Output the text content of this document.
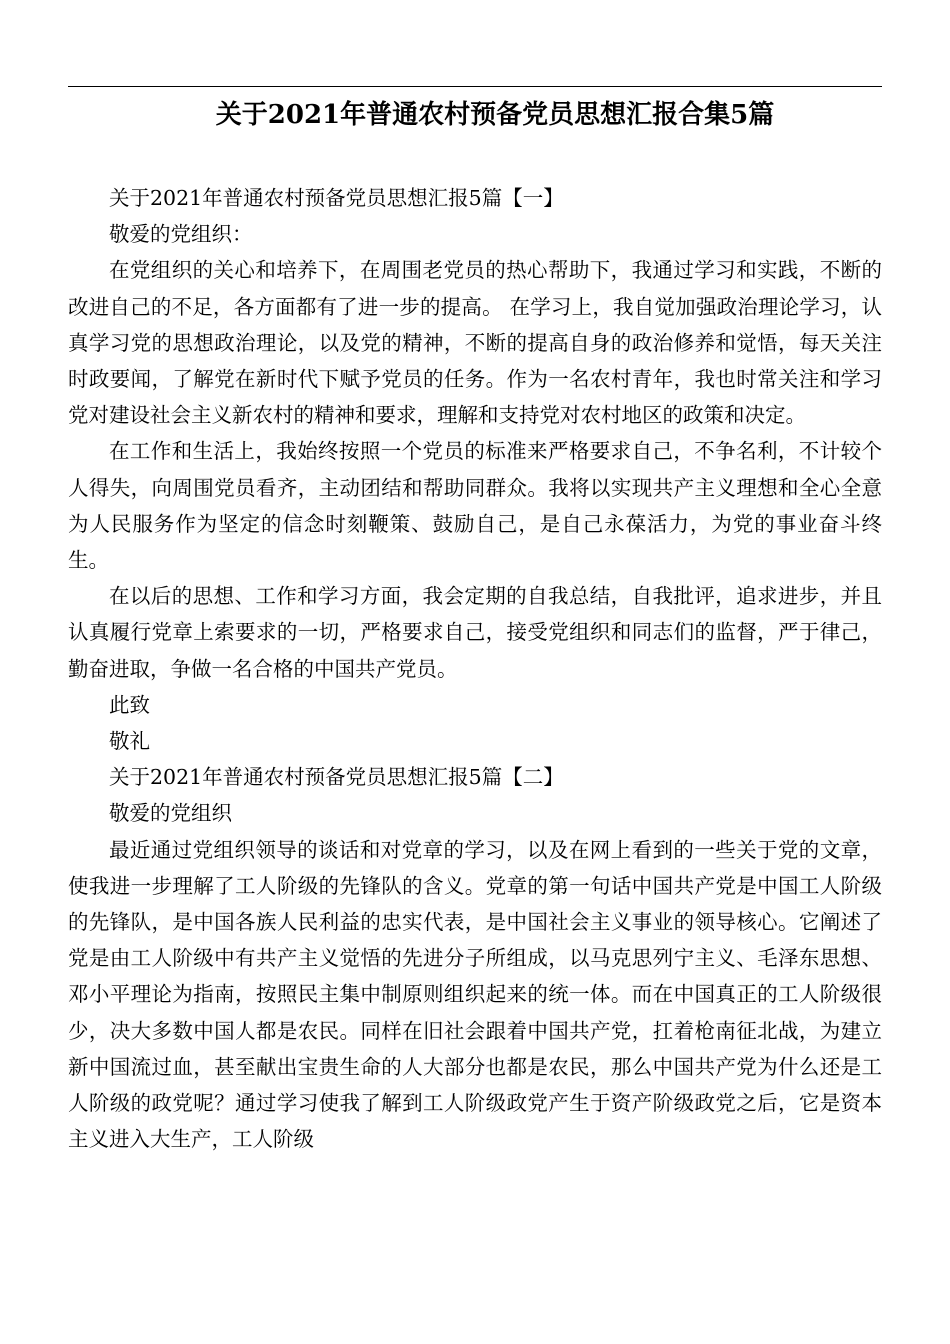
关于2021年普通农村预备党员思想汇报合集5篇

关于2021年普通农村预备党员思想汇报5篇【一】

敬爱的党组织：

在党组织的关心和培养下，在周围老党员的热心帮助下，我通过学习和实践，不断的改进自己的不足，各方面都有了进一步的提高。 在学习上，我自觉加强政治理论学习，认真学习党的思想政治理论，以及党的精神，不断的提高自身的政治修养和觉悟，每天关注时政要闻，了解党在新时代下赋予党员的任务。作为一名农村青年，我也时常关注和学习党对建设社会主义新农村的精神和要求，理解和支持党对农村地区的政策和决定。

在工作和生活上，我始终按照一个党员的标准来严格要求自己，不争名利，不计较个人得失，向周围党员看齐，主动团结和帮助同群众。我将以实现共产主义理想和全心全意为人民服务作为坚定的信念时刻鞭策、鼓励自己，是自己永葆活力，为党的事业奋斗终生。

在以后的思想、工作和学习方面，我会定期的自我总结，自我批评，追求进步，并且认真履行党章上索要求的一切，严格要求自己，接受党组织和同志们的监督，严于律己，勤奋进取，争做一名合格的中国共产党员。

此致

敬礼

关于2021年普通农村预备党员思想汇报5篇【二】

敬爱的党组织

最近通过党组织领导的谈话和对党章的学习，以及在网上看到的一些关于党的文章，使我进一步理解了工人阶级的先锋队的含义。党章的第一句话中国共产党是中国工人阶级的先锋队，是中国各族人民利益的忠实代表，是中国社会主义事业的领导核心。它阐述了党是由工人阶级中有共产主义觉悟的先进分子所组成，以马克思列宁主义、毛泽东思想、邓小平理论为指南，按照民主集中制原则组织起来的统一体。而在中国真正的工人阶级很少，决大多数中国人都是农民。同样在旧社会跟着中国共产党，扛着枪南征北战，为建立新中国流过血，甚至献出宝贵生命的人大部分也都是农民，那么中国共产党为什么还是工人阶级的政党呢？通过学习使我了解到工人阶级政党产生于资产阶级政党之后，它是资本主义进入大生产，工人阶级
